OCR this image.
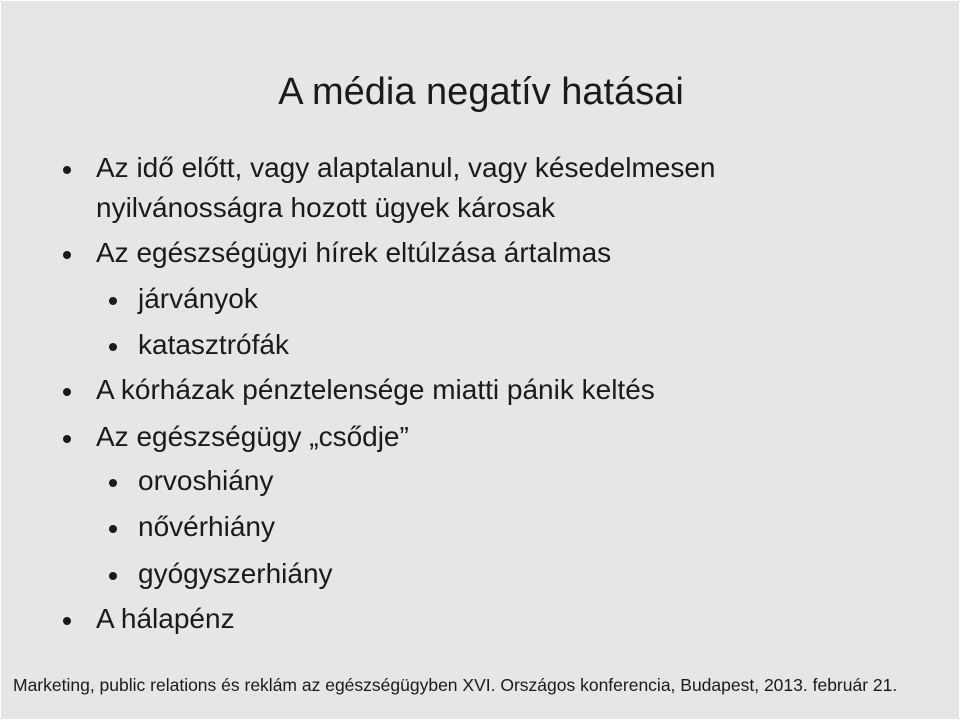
A média negatív hatásai
Az idő előtt, vagy alaptalanul, vagy késedelmesen
nyilvánosságra hozott ügyek károsak
Az egészségügyi hírek eltúlzása ártalmas
járványok
katasztrófák
A kórházak pénztelensége miatti pánik keltés
Az egészségügy „csődje”
orvoshiány
nővérhiány
gyógyszerhiány
A hálapénz
Marketing, public relations és reklám az egészségügyben XVI. Országos konferencia, Budapest, 2013. február 21.
